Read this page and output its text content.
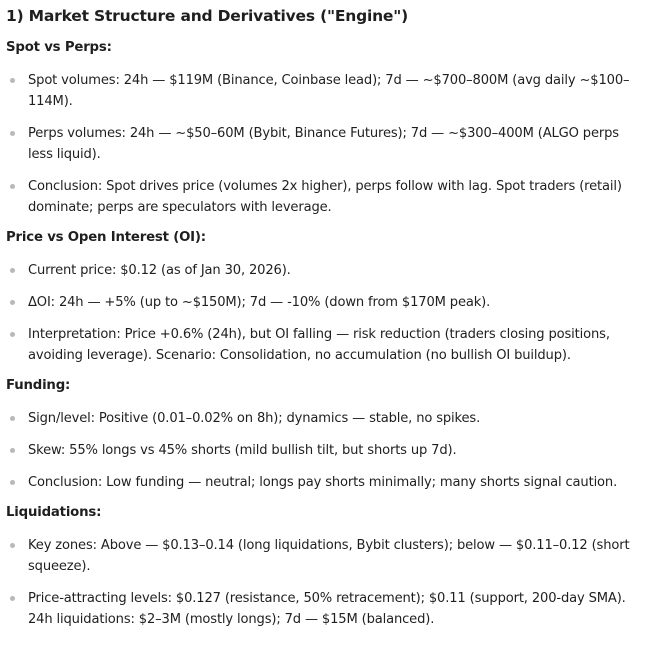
1) Market Structure and Derivatives ("Engine")
Spot vs Perps:
Spot volumes: 24h — $119M (Binance, Coinbase lead); 7d — ~$700–800M (avg daily ~$100–114M).
Perps volumes: 24h — ~$50–60M (Bybit, Binance Futures); 7d — ~$300–400M (ALGO perps less liquid).
Conclusion: Spot drives price (volumes 2x higher), perps follow with lag. Spot traders (retail) dominate; perps are speculators with leverage.
Price vs Open Interest (OI):
Current price: $0.12 (as of Jan 30, 2026).
ΔOI: 24h — +5% (up to ~$150M); 7d — -10% (down from $170M peak).
Interpretation: Price +0.6% (24h), but OI falling — risk reduction (traders closing positions, avoiding leverage). Scenario: Consolidation, no accumulation (no bullish OI buildup).
Funding:
Sign/level: Positive (0.01–0.02% on 8h); dynamics — stable, no spikes.
Skew: 55% longs vs 45% shorts (mild bullish tilt, but shorts up 7d).
Conclusion: Low funding — neutral; longs pay shorts minimally; many shorts signal caution.
Liquidations:
Key zones: Above — $0.13–0.14 (long liquidations, Bybit clusters); below — $0.11–0.12 (short squeeze).
Price-attracting levels: $0.127 (resistance, 50% retracement); $0.11 (support, 200-day SMA). 24h liquidations: $2–3M (mostly longs); 7d — $15M (balanced).
